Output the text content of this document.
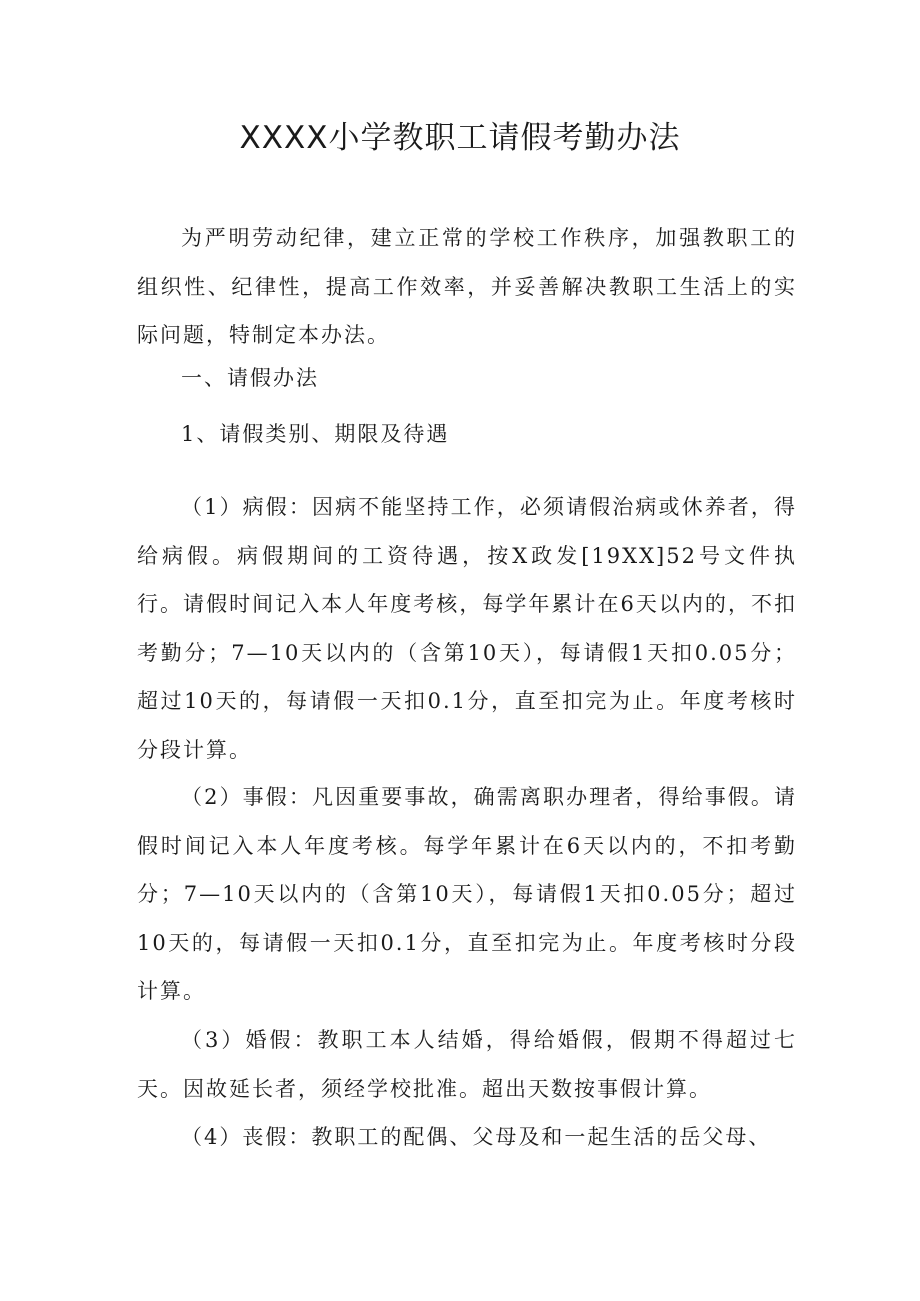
XXXX小学教职工请假考勤办法

为严明劳动纪律，建立正常的学校工作秩序，加强教职工的组织性、纪律性，提高工作效率，并妥善解决教职工生活上的实际问题，特制定本办法。

一、请假办法

1、请假类别、期限及待遇

（1）病假：因病不能坚持工作，必须请假治病或休养者，得给病假。病假期间的工资待遇，按X政发[19XX]52号文件执行。请假时间记入本人年度考核，每学年累计在6天以内的，不扣考勤分；7—10天以内的（含第10天），每请假1天扣0.05分；超过10天的，每请假一天扣0.1分，直至扣完为止。年度考核时分段计算。

（2）事假：凡因重要事故，确需离职办理者，得给事假。请假时间记入本人年度考核。每学年累计在6天以内的，不扣考勤分；7—10天以内的（含第10天），每请假1天扣0.05分；超过10天的，每请假一天扣0.1分，直至扣完为止。年度考核时分段计算。

（3）婚假：教职工本人结婚，得给婚假，假期不得超过七天。因故延长者，须经学校批准。超出天数按事假计算。

（4）丧假：教职工的配偶、父母及和一起生活的岳父母、
